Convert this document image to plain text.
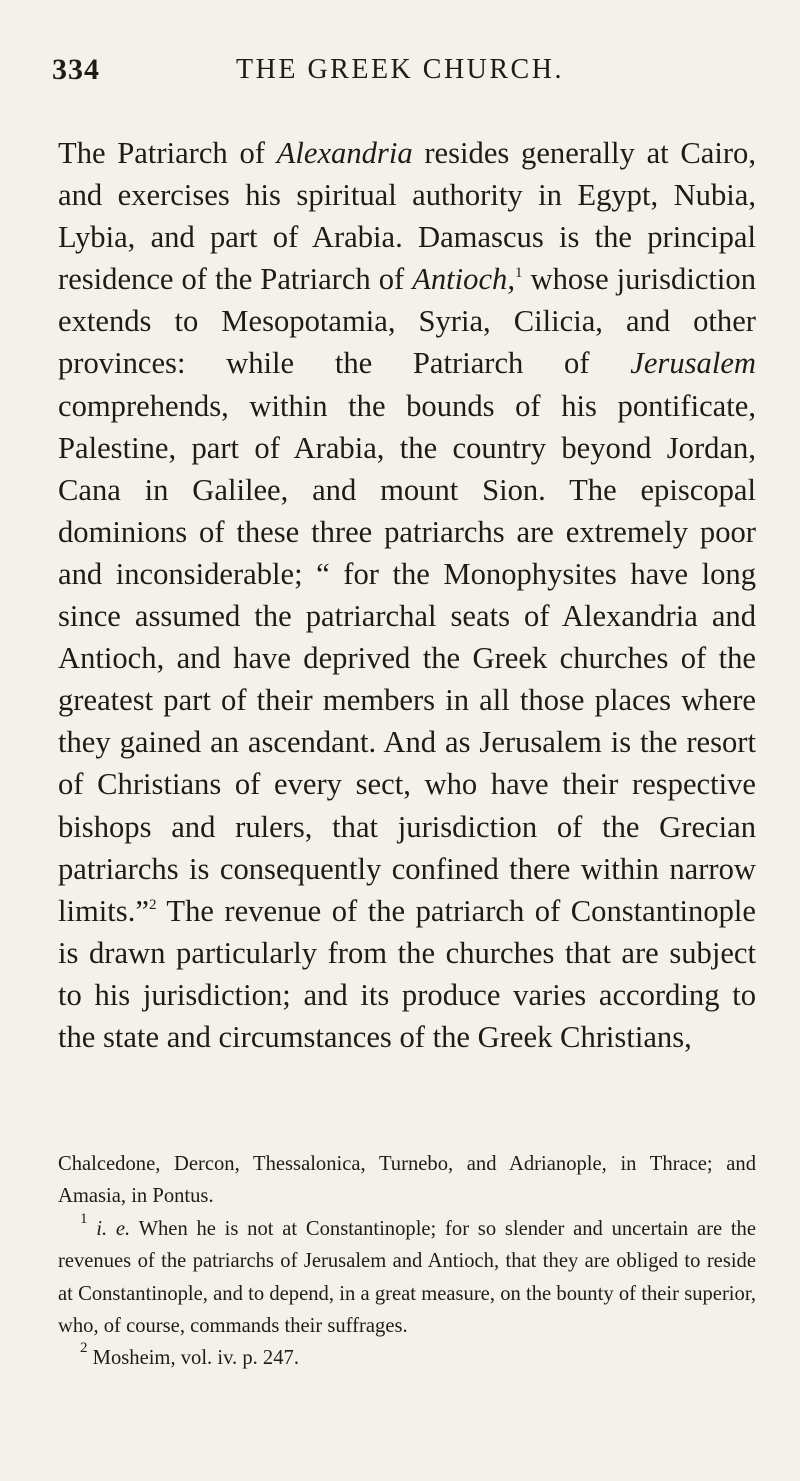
334	THE GREEK CHURCH.

The Patriarch of Alexandria resides generally at Cairo, and exercises his spiritual authority in Egypt, Nubia, Lybia, and part of Arabia. Damascus is the principal residence of the Patriarch of Antioch,$^1$ whose jurisdiction extends to Mesopotamia, Syria, Cilicia, and other provinces: while the Patriarch of Jerusalem comprehends, within the bounds of his pontificate, Palestine, part of Arabia, the country beyond Jordan, Cana in Galilee, and mount Sion. The episcopal dominions of these three patriarchs are extremely poor and inconsiderable; “ for the Monophysites have long since assumed the patriarchal seats of Alexandria and Antioch, and have deprived the Greek churches of the greatest part of their members in all those places where they gained an ascendant. And as Jerusalem is the resort of Christians of every sect, who have their respective bishops and rulers, that jurisdiction of the Grecian patriarchs is consequently confined there within narrow limits.”$^2$ The revenue of the patriarch of Constantinople is drawn particularly from the churches that are subject to his jurisdiction; and its produce varies according to the state and circumstances of the Greek Christians,

Chalcedone, Dercon, Thessalonica, Turnebo, and Adrianople, in Thrace; and Amasia, in Pontus.

$^1$ i. e. When he is not at Constantinople; for so slender and uncertain are the revenues of the patriarchs of Jerusalem and Antioch, that they are obliged to reside at Constantinople, and to depend, in a great measure, on the bounty of their superior, who, of course, commands their suffrages.

$^2$ Mosheim, vol. iv. p. 247.
